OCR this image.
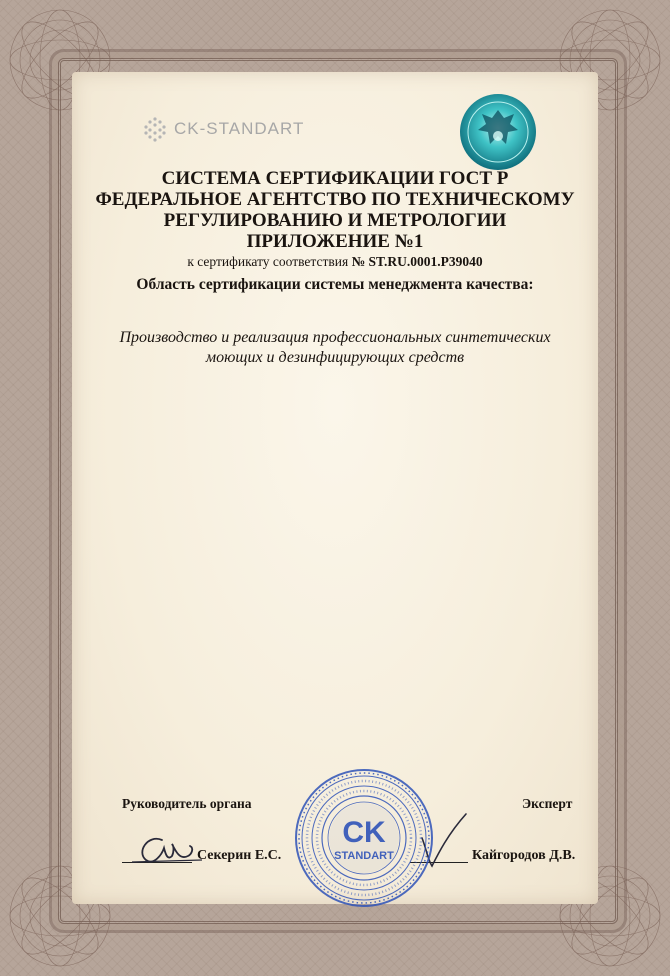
CK-STANDART

СИСТЕМА СЕРТИФИКАЦИИ ГОСТ Р

ФЕДЕРАЛЬНОЕ АГЕНТСТВО ПО ТЕХНИЧЕСКОМУ

РЕГУЛИРОВАНИЮ И МЕТРОЛОГИИ

ПРИЛОЖЕНИЕ №1

к сертификату соответствия № ST.RU.0001.Р39040

Область сертификации системы менеджмента качества:
Производство и реализация профессиональных синтетических
моющих и дезинфицирующих средств
Руководитель органа	Эксперт
Секерин Е.С.	Кайгородов Д.В.
CK
STANDART
